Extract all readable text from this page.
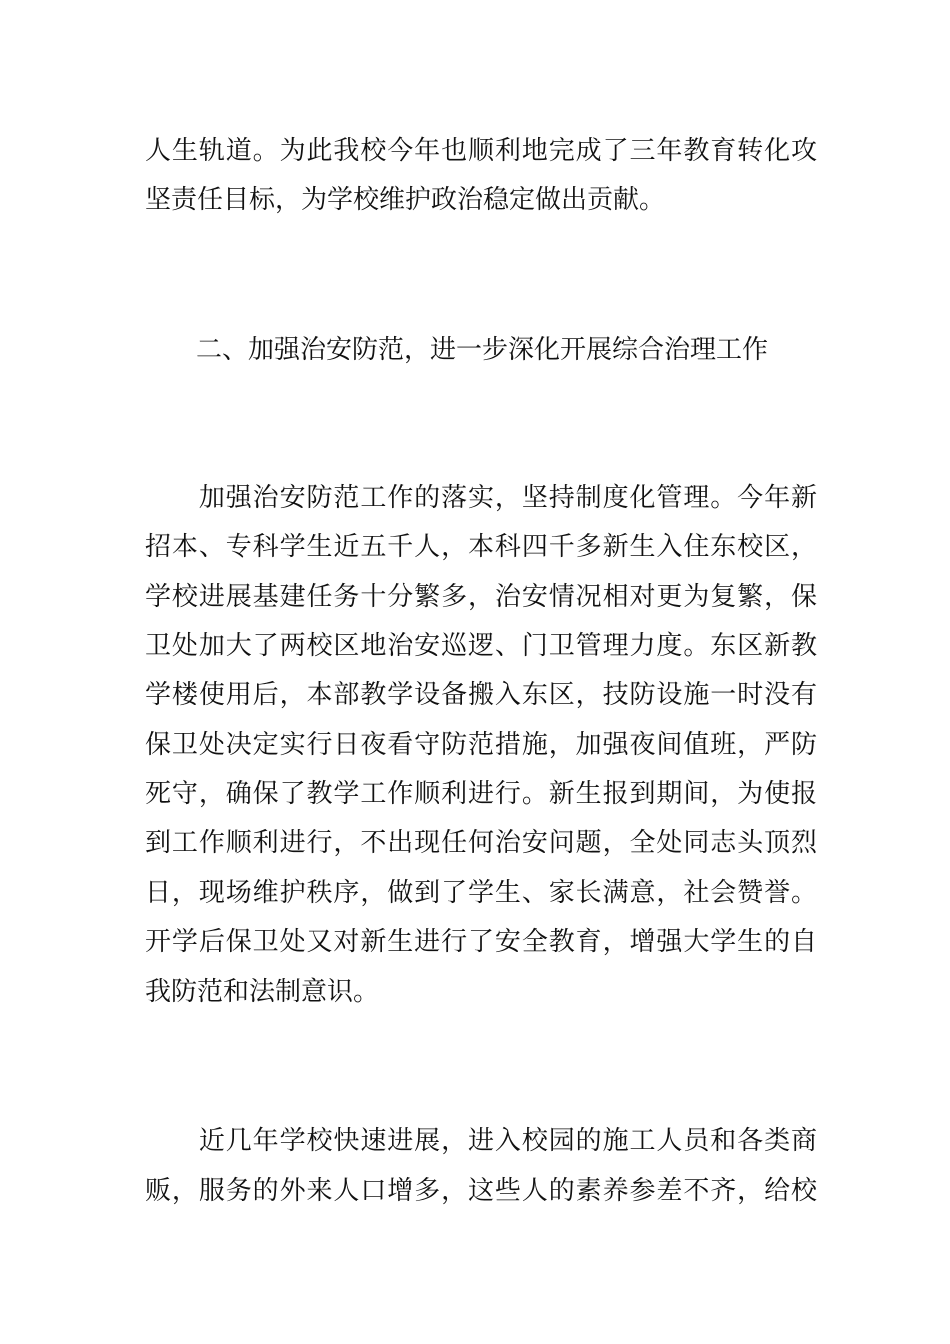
人生轨道。为此我校今年也顺利地完成了三年教育转化攻
坚责任目标，为学校维护政治稳定做出贡献。
二、加强治安防范，进一步深化开展综合治理工作
　　加强治安防范工作的落实，坚持制度化管理。今年新
招本、专科学生近五千人，本科四千多新生入住东校区，
学校进展基建任务十分繁多，治安情况相对更为复繁，保
卫处加大了两校区地治安巡逻、门卫管理力度。东区新教
学楼使用后，本部教学设备搬入东区，技防设施一时没有
保卫处决定实行日夜看守防范措施，加强夜间值班，严防
死守，确保了教学工作顺利进行。新生报到期间，为使报
到工作顺利进行，不出现任何治安问题，全处同志头顶烈
日，现场维护秩序，做到了学生、家长满意，社会赞誉。
开学后保卫处又对新生进行了安全教育，增强大学生的自
我防范和法制意识。
　　近几年学校快速进展，进入校园的施工人员和各类商
贩，服务的外来人口增多，这些人的素养参差不齐，给校
